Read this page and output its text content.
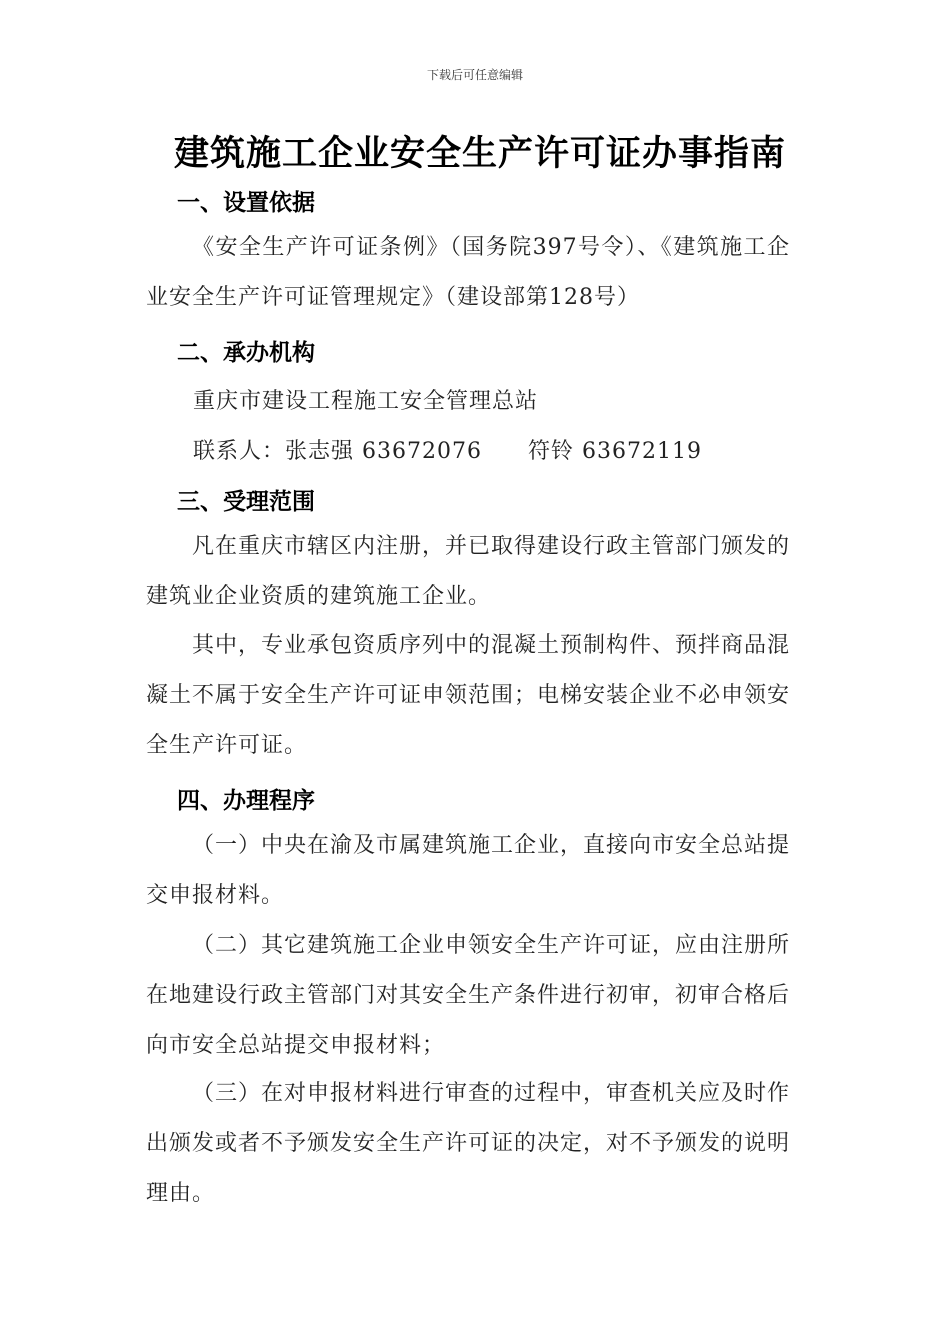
下载后可任意编辑
建筑施工企业安全生产许可证办事指南
一、设置依据
《安全生产许可证条例》（国务院397号令）、《建筑施工企业安全生产许可证管理规定》（建设部第128号）
二、承办机构
重庆市建设工程施工安全管理总站
联系人：张志强 63672076　　符铃 63672119
三、受理范围
凡在重庆市辖区内注册，并已取得建设行政主管部门颁发的建筑业企业资质的建筑施工企业。
其中，专业承包资质序列中的混凝土预制构件、预拌商品混凝土不属于安全生产许可证申领范围；电梯安装企业不必申领安全生产许可证。
四、办理程序
（一）中央在渝及市属建筑施工企业，直接向市安全总站提交申报材料。
（二）其它建筑施工企业申领安全生产许可证，应由注册所在地建设行政主管部门对其安全生产条件进行初审，初审合格后向市安全总站提交申报材料；
（三）在对申报材料进行审查的过程中，审查机关应及时作出颁发或者不予颁发安全生产许可证的决定，对不予颁发的说明理由。
